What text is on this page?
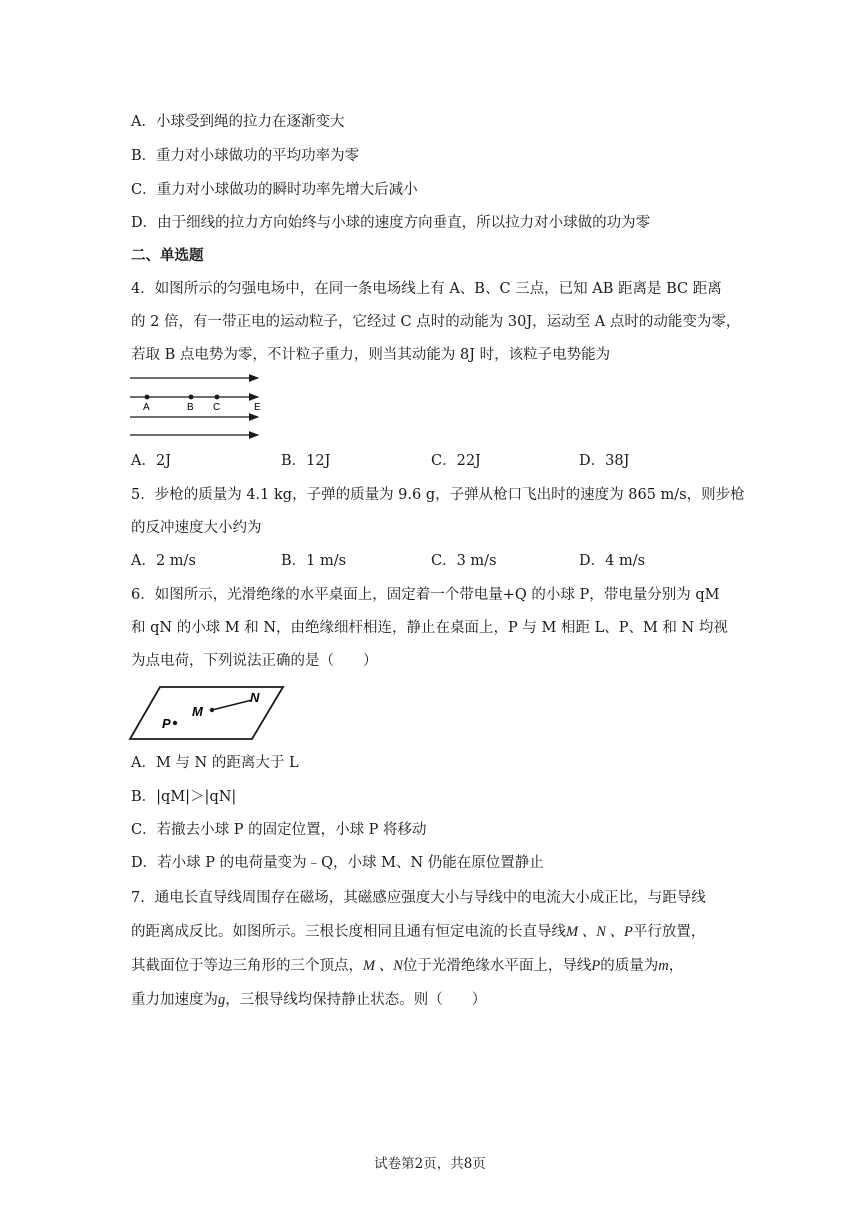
A．小球受到绳的拉力在逐渐变大
B．重力对小球做功的平均功率为零
C．重力对小球做功的瞬时功率先增大后减小
D．由于细线的拉力方向始终与小球的速度方向垂直，所以拉力对小球做的功为零
二、单选题
4．如图所示的匀强电场中，在同一条电场线上有 A、B、C 三点，已知 AB 距离是 BC 距离
的 2 倍，有一带正电的运动粒子，它经过 C 点时的动能为 30J，运动至 A 点时的动能变为零，
若取 B 点电势为零，不计粒子重力，则当其动能为 8J 时，该粒子电势能为
A	B C	E
A．2J	B．12J	C．22J	D．38J
5．步枪的质量为 4.1 kg，子弹的质量为 9.6 g，子弹从枪口飞出时的速度为 865 m/s，则步枪
的反冲速度大小约为
A．2 m/s	B．1 m/s	C．3 m/s	D．4 m/s
6．如图所示，光滑绝缘的水平桌面上，固定着一个带电量+Q 的小球 P，带电量分别为 qM
和 qN 的小球 M 和 N，由绝缘细杆相连，静止在桌面上，P 与 M 相距 L、P、M 和 N 均视
为点电荷，下列说法正确的是（　　）
P
M
N
A．M 与 N 的距离大于 L
B．|qM|＞|qN|
C．若撤去小球 P 的固定位置，小球 P 将移动
D．若小球 P 的电荷量变为﹣Q，小球 M、N 仍能在原位置静止
7．通电长直导线周围存在磁场，其磁感应强度大小与导线中的电流大小成正比，与距导线
的距离成反比。如图所示。三根长度相同且通有恒定电流的长直导线M 、N 、P平行放置，
其截面位于等边三角形的三个顶点，M 、N位于光滑绝缘水平面上，导线P的质量为m，
重力加速度为g，三根导线均保持静止状态。则（　　）
试卷第2页，共8页
